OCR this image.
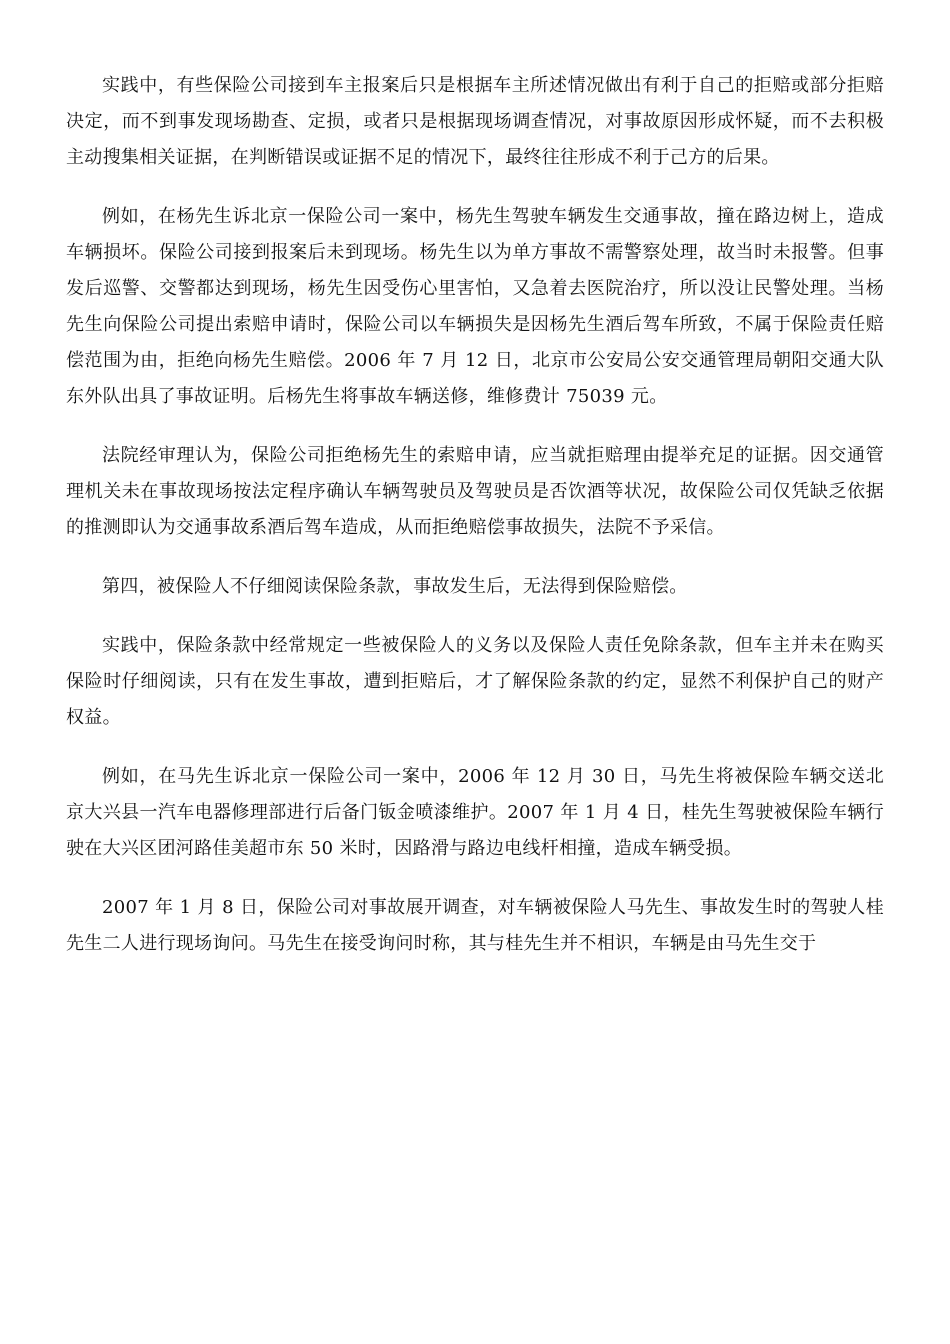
实践中，有些保险公司接到车主报案后只是根据车主所述情况做出有利于自己的拒赔或部分拒赔决定，而不到事发现场勘查、定损，或者只是根据现场调查情况，对事故原因形成怀疑，而不去积极主动搜集相关证据，在判断错误或证据不足的情况下，最终往往形成不利于己方的后果。

例如，在杨先生诉北京一保险公司一案中，杨先生驾驶车辆发生交通事故，撞在路边树上，造成车辆损坏。保险公司接到报案后未到现场。杨先生以为单方事故不需警察处理，故当时未报警。但事发后巡警、交警都达到现场，杨先生因受伤心里害怕，又急着去医院治疗，所以没让民警处理。当杨先生向保险公司提出索赔申请时，保险公司以车辆损失是因杨先生酒后驾车所致，不属于保险责任赔偿范围为由，拒绝向杨先生赔偿。2006 年 7 月 12 日，北京市公安局公安交通管理局朝阳交通大队东外队出具了事故证明。后杨先生将事故车辆送修，维修费计 75039 元。

法院经审理认为，保险公司拒绝杨先生的索赔申请，应当就拒赔理由提举充足的证据。因交通管理机关未在事故现场按法定程序确认车辆驾驶员及驾驶员是否饮酒等状况，故保险公司仅凭缺乏依据的推测即认为交通事故系酒后驾车造成，从而拒绝赔偿事故损失，法院不予采信。

第四，被保险人不仔细阅读保险条款，事故发生后，无法得到保险赔偿。

实践中，保险条款中经常规定一些被保险人的义务以及保险人责任免除条款，但车主并未在购买保险时仔细阅读，只有在发生事故，遭到拒赔后，才了解保险条款的约定，显然不利保护自己的财产权益。

例如，在马先生诉北京一保险公司一案中，2006 年 12 月 30 日，马先生将被保险车辆交送北京大兴县一汽车电器修理部进行后备门钣金喷漆维护。2007 年 1 月 4 日，桂先生驾驶被保险车辆行驶在大兴区团河路佳美超市东 50 米时，因路滑与路边电线杆相撞，造成车辆受损。

2007 年 1 月 8 日，保险公司对事故展开调查，对车辆被保险人马先生、事故发生时的驾驶人桂先生二人进行现场询问。马先生在接受询问时称，其与桂先生并不相识，车辆是由马先生交于
